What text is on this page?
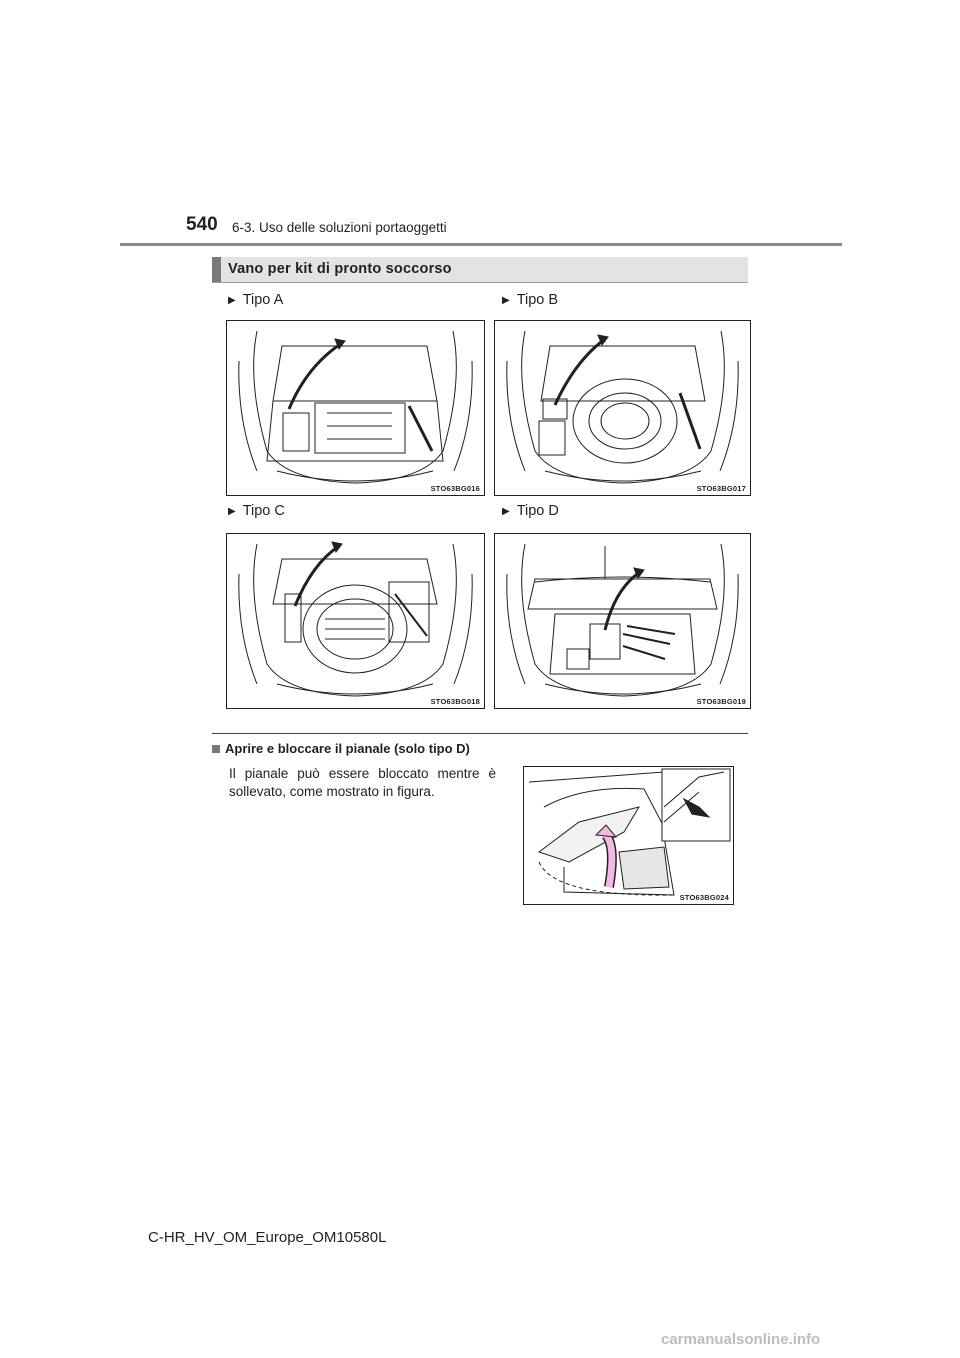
540 6-3. Uso delle soluzioni portaoggetti
Vano per kit di pronto soccorso
▶ Tipo A	▶ Tipo B
▶ Tipo C	▶ Tipo D
STO63BG016	STO63BG017
STO63BG018	STO63BG019
Aprire e bloccare il pianale (solo tipo D)
Il pianale può essere bloccato mentre è sollevato, come mostrato in figura.
STO63BG024
C-HR_HV_OM_Europe_OM10580L
carmanualsonline.info
